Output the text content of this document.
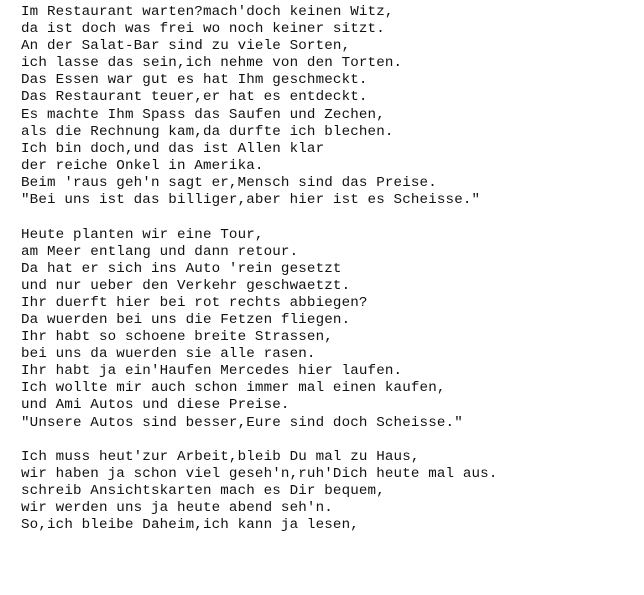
Im Restaurant warten?mach'doch keinen Witz,
da ist doch was frei wo noch keiner sitzt.
An der Salat-Bar sind zu viele Sorten,
ich lasse das sein,ich nehme von den Torten.
Das Essen war gut es hat Ihm geschmeckt.
Das Restaurant teuer,er hat es entdeckt.
Es machte Ihm Spass das Saufen und Zechen,
als die Rechnung kam,da durfte ich blechen.
Ich bin doch,und das ist Allen klar
der reiche Onkel in Amerika.
Beim 'raus geh'n sagt er,Mensch sind das Preise.
"Bei uns ist das billiger,aber hier ist es Scheisse."
Heute planten wir eine Tour,
am Meer entlang und dann retour.
Da hat er sich ins Auto 'rein gesetzt
und nur ueber den Verkehr geschwaetzt.
Ihr duerft hier bei rot rechts abbiegen?
Da wuerden bei uns die Fetzen fliegen.
Ihr habt so schoene breite Strassen,
bei uns da wuerden sie alle rasen.
Ihr habt ja ein'Haufen Mercedes hier laufen.
Ich wollte mir auch schon immer mal einen kaufen,
und Ami Autos und diese Preise.
"Unsere Autos sind besser,Eure sind doch Scheisse."
Ich muss heut'zur Arbeit,bleib Du mal zu Haus,
wir haben ja schon viel geseh'n,ruh'Dich heute mal aus.
schreib Ansichtskarten mach es Dir bequem,
wir werden uns ja heute abend seh'n.
So,ich bleibe Daheim,ich kann ja lesen,
